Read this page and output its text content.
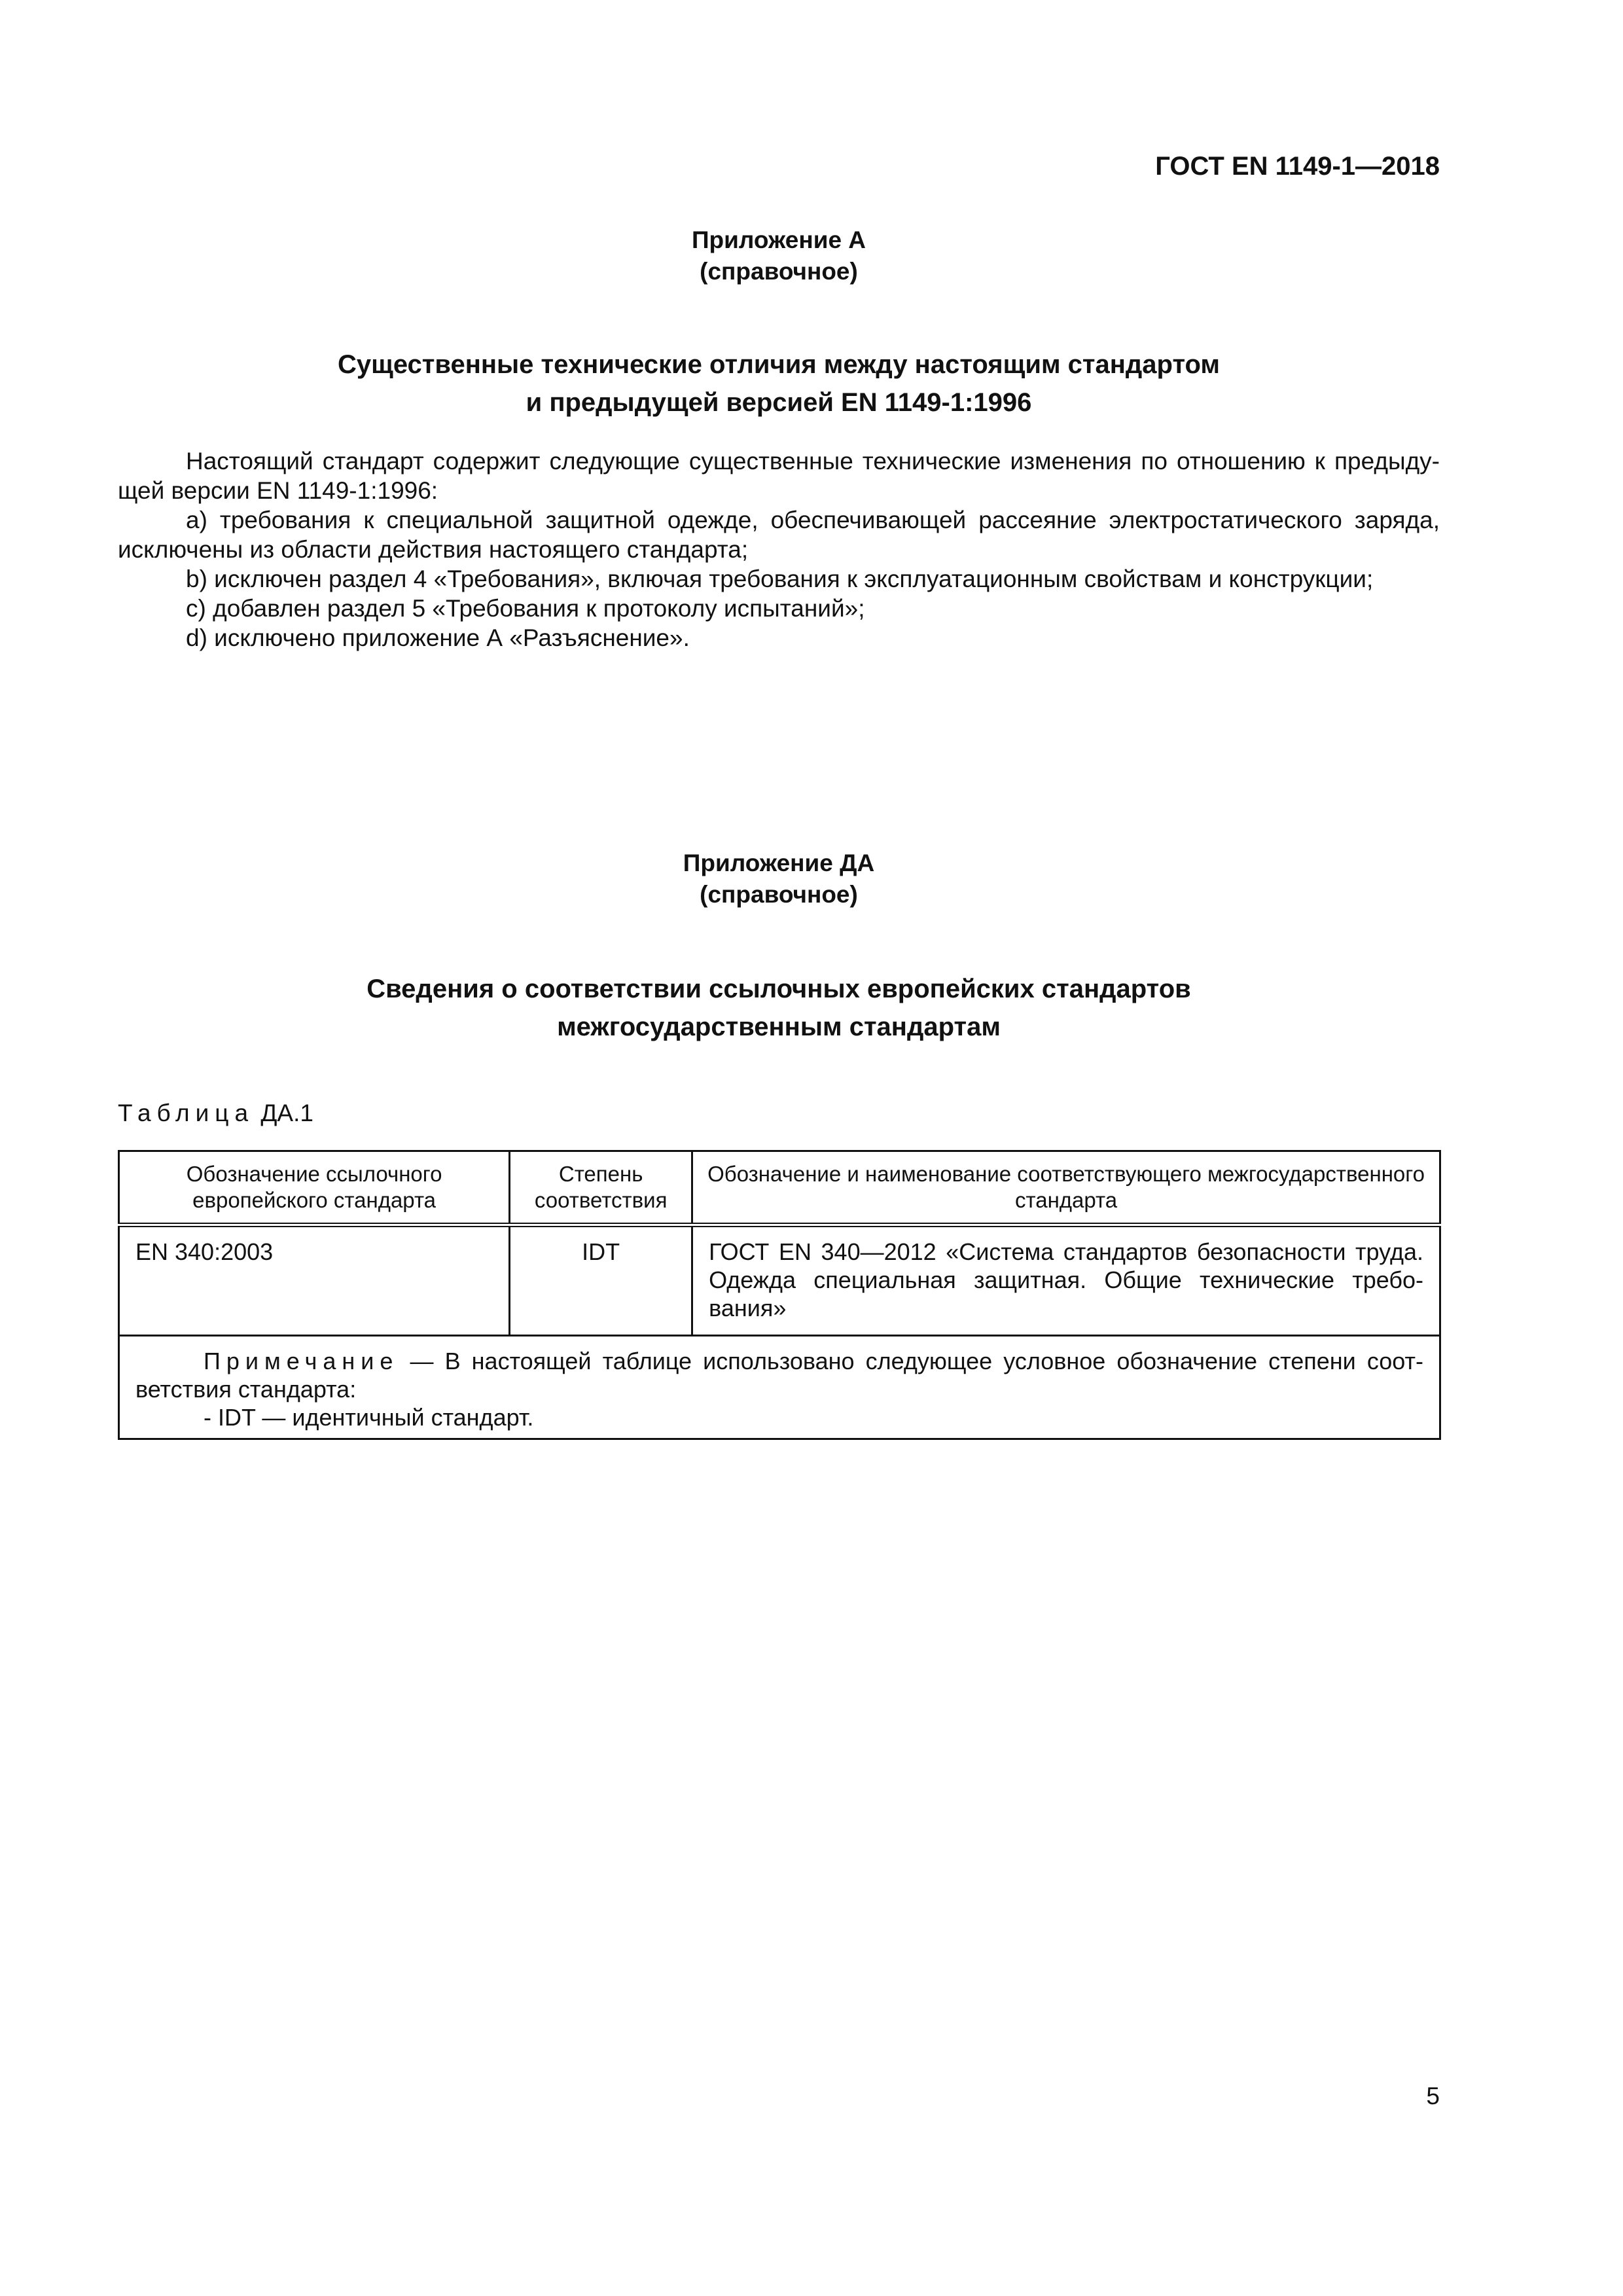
ГОСТ EN 1149-1—2018
Приложение А
(справочное)
Существенные технические отличия между настоящим стандартом
и предыдущей версией EN 1149-1:1996

Настоящий стандарт содержит следующие существенные технические изменения по отношению к предыду-щей версии EN 1149-1:1996:

a) требования к специальной защитной одежде, обеспечивающей рассеяние электростатического заряда, исключены из области действия настоящего стандарта;

b) исключен раздел 4 «Требования», включая требования к эксплуатационным свойствам и конструкции;

c) добавлен раздел 5 «Требования к протоколу испытаний»;

d) исключено приложение А «Разъяснение».

Приложение ДА
(справочное)
Сведения о соответствии ссылочных европейских стандартов
межгосударственным стандартам
Таблица ДА.1
Обозначение ссылочного европейского стандарта	Степень соответствия	Обозначение и наименование соответствующего межгосударственного стандарта
EN 340:2003	IDT	ГОСТ EN 340—2012 «Система стандартов безопасности труда. Одежда специальная защитная. Общие технические требо-вания»

Примечание — В настоящей таблице использовано следующее условное обозначение степени соот-ветствия стандарта:
- IDT — идентичный стандарт.		
5
